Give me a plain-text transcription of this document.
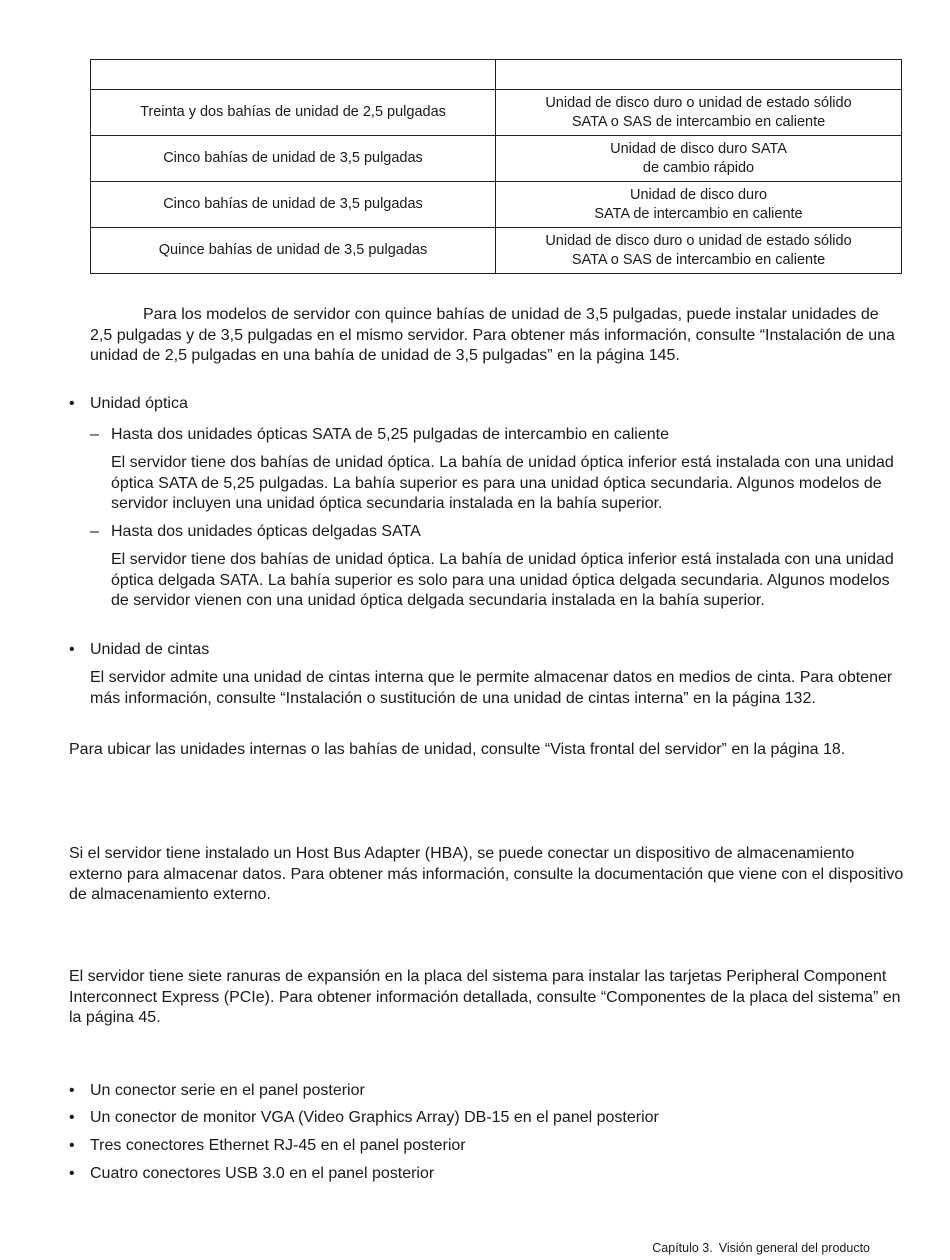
Treinta y dos bahías de unidad de 2,5 pulgadas	Unidad de disco duro o unidad de estado sólido
SATA o SAS de intercambio en caliente

Cinco bahías de unidad de 3,5 pulgadas	Unidad de disco duro SATA
de cambio rápido

Cinco bahías de unidad de 3,5 pulgadas	Unidad de disco duro
SATA de intercambio en caliente

Quince bahías de unidad de 3,5 pulgadas	Unidad de disco duro o unidad de estado sólido
SATA o SAS de intercambio en caliente

Para los modelos de servidor con quince bahías de unidad de 3,5 pulgadas, puede instalar unidades de 2,5 pulgadas y de 3,5 pulgadas en el mismo servidor. Para obtener más información, consulte “Instalación de una unidad de 2,5 pulgadas en una bahía de unidad de 3,5 pulgadas” en la página 145.

• Unidad óptica
– Hasta dos unidades ópticas SATA de 5,25 pulgadas de intercambio en caliente

El servidor tiene dos bahías de unidad óptica. La bahía de unidad óptica inferior está instalada con una unidad óptica SATA de 5,25 pulgadas. La bahía superior es para una unidad óptica secundaria. Algunos modelos de servidor incluyen una unidad óptica secundaria instalada en la bahía superior.

– Hasta dos unidades ópticas delgadas SATA

El servidor tiene dos bahías de unidad óptica. La bahía de unidad óptica inferior está instalada con una unidad óptica delgada SATA. La bahía superior es solo para una unidad óptica delgada secundaria. Algunos modelos de servidor vienen con una unidad óptica delgada secundaria instalada en la bahía superior.

• Unidad de cintas

El servidor admite una unidad de cintas interna que le permite almacenar datos en medios de cinta. Para obtener más información, consulte “Instalación o sustitución de una unidad de cintas interna” en la página 132.

Para ubicar las unidades internas o las bahías de unidad, consulte “Vista frontal del servidor” en la página 18.

Si el servidor tiene instalado un Host Bus Adapter (HBA), se puede conectar un dispositivo de almacenamiento externo para almacenar datos. Para obtener más información, consulte la documentación que viene con el dispositivo de almacenamiento externo.

El servidor tiene siete ranuras de expansión en la placa del sistema para instalar las tarjetas Peripheral Component Interconnect Express (PCIe). Para obtener información detallada, consulte “Componentes de la placa del sistema” en la página 45.

• Un conector serie en el panel posterior
• Un conector de monitor VGA (Video Graphics Array) DB-15 en el panel posterior
• Tres conectores Ethernet RJ-45 en el panel posterior
• Cuatro conectores USB 3.0 en el panel posterior
Capítulo 3. Visión general del producto
